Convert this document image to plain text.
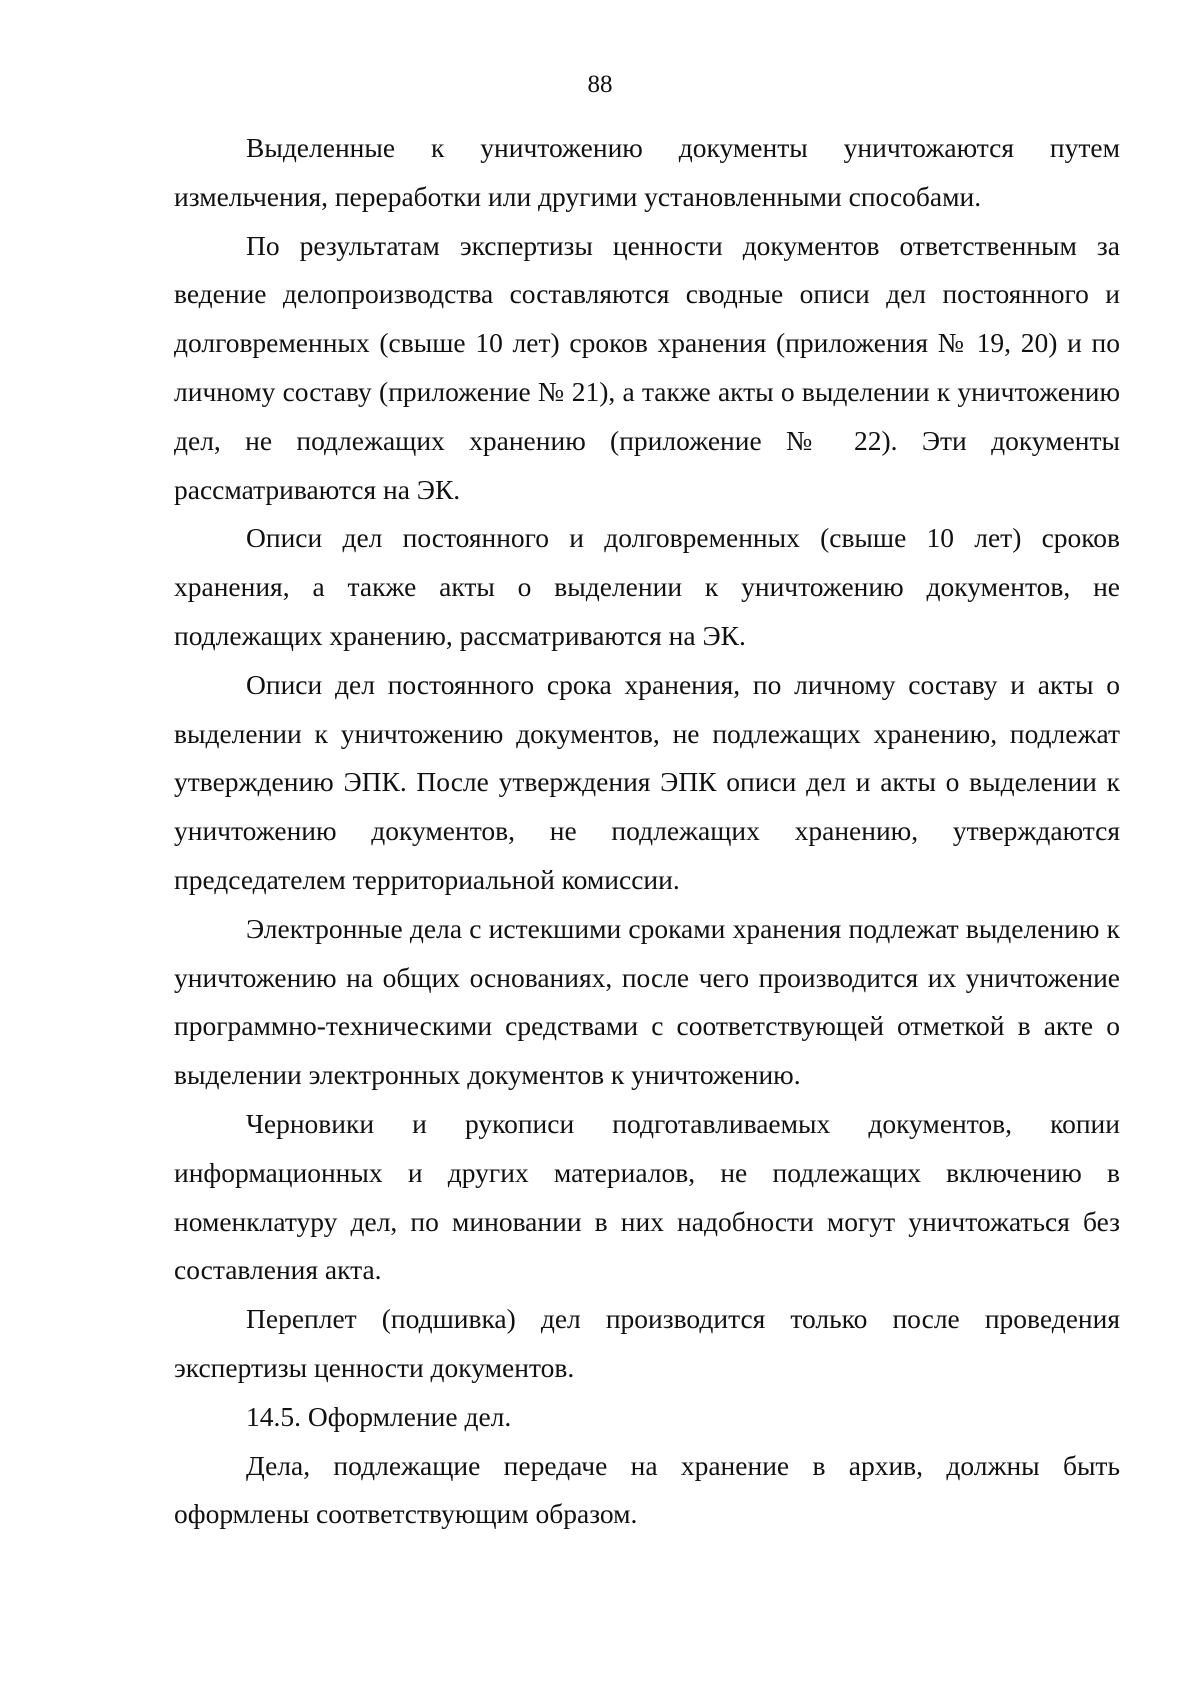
88

Выделенные к уничтожению документы уничтожаются путем измельчения, переработки или другими установленными способами.

По результатам экспертизы ценности документов ответственным за ведение делопроизводства составляются сводные описи дел постоянного и долговременных (свыше 10 лет) сроков хранения (приложения № 19, 20) и по личному составу (приложение № 21), а также акты о выделении к уничтожению дел, не подлежащих хранению (приложение № 22). Эти документы рассматриваются на ЭК.

Описи дел постоянного и долговременных (свыше 10 лет) сроков хранения, а также акты о выделении к уничтожению документов, не подлежащих хранению, рассматриваются на ЭК.

Описи дел постоянного срока хранения, по личному составу и акты о выделении к уничтожению документов, не подлежащих хранению, подлежат утверждению ЭПК. После утверждения ЭПК описи дел и акты о выделении к уничтожению документов, не подлежащих хранению, утверждаются председателем территориальной комиссии.

Электронные дела с истекшими сроками хранения подлежат выделению к уничтожению на общих основаниях, после чего производится их уничтожение программно-техническими средствами с соответствующей отметкой в акте о выделении электронных документов к уничтожению.

Черновики и рукописи подготавливаемых документов, копии информационных и других материалов, не подлежащих включению в номенклатуру дел, по миновании в них надобности могут уничтожаться без составления акта.

Переплет (подшивка) дел производится только после проведения экспертизы ценности документов.

14.5. Оформление дел.

Дела, подлежащие передаче на хранение в архив, должны быть оформлены соответствующим образом.
